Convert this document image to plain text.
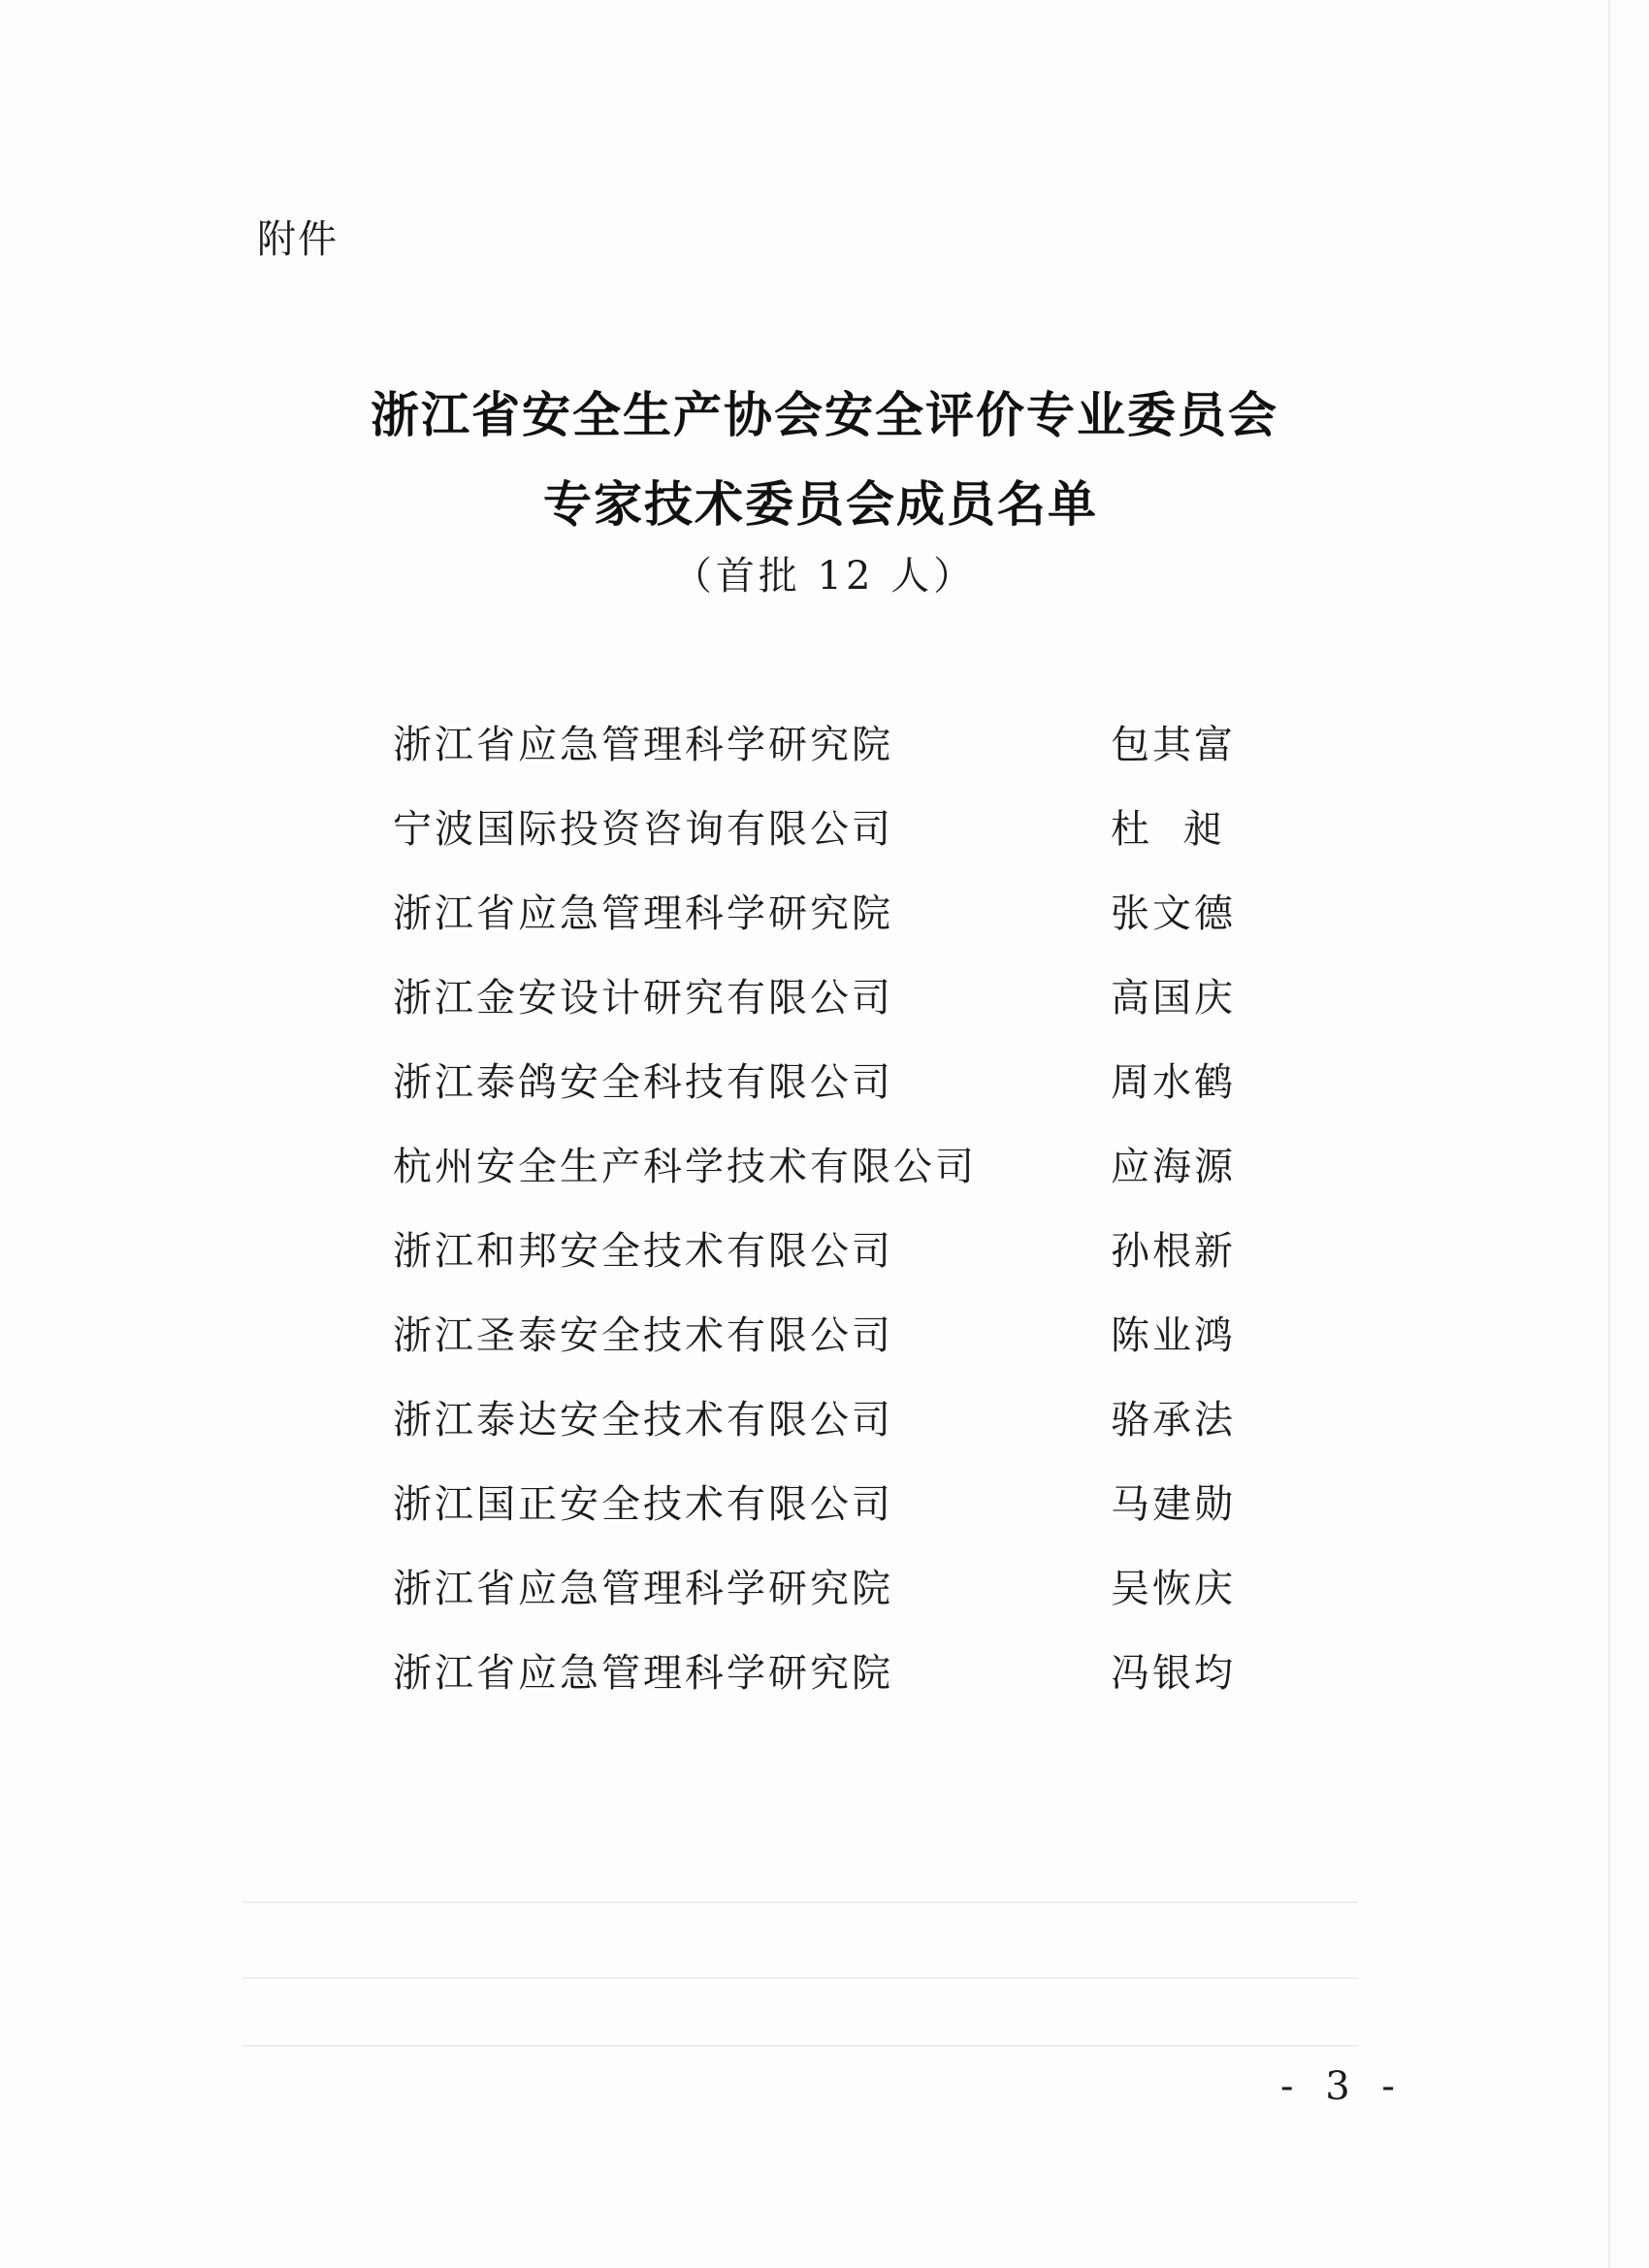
附件
浙江省安全生产协会安全评价专业委员会
专家技术委员会成员名单
（首批 12 人）
浙江省应急管理科学研究院	包其富
宁波国际投资咨询有限公司	杜  昶
浙江省应急管理科学研究院	张文德
浙江金安设计研究有限公司	高国庆
浙江泰鸽安全科技有限公司	周水鹤
杭州安全生产科学技术有限公司	应海源
浙江和邦安全技术有限公司	孙根新
浙江圣泰安全技术有限公司	陈业鸿
浙江泰达安全技术有限公司	骆承法
浙江国正安全技术有限公司	马建勋
浙江省应急管理科学研究院	吴恢庆
浙江省应急管理科学研究院	冯银均
- 3 -
